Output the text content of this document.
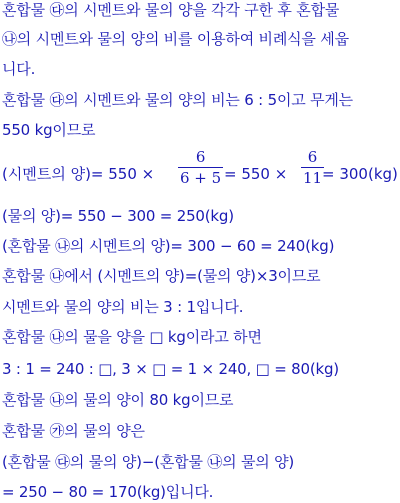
혼합물 ㉰의 시멘트와 물의 양을 각각 구한 후 혼합물
㉯의 시멘트와 물의 양의 비를 이용하여 비례식을 세웁
니다.
혼합물 ㉰의 시멘트와 물의 양의 비는 6 : 5이고 무게는
550 kg이므로
(시멘트의 양)= 550 ×
6
6 + 5 = 550 ×
6
11 = 300(kg)
(물의 양)= 550 − 300 = 250(kg)
(혼합물 ㉯의 시멘트의 양)= 300 − 60 = 240(kg)
혼합물 ㉯에서 (시멘트의 양)=(물의 양)×3이므로
시멘트와 물의 양의 비는 3 : 1입니다.
혼합물 ㉯의 물을 양을 □ kg이라고 하면
3 : 1 = 240 : □, 3 × □ = 1 × 240, □ = 80(kg)
혼합물 ㉯의 물의 양이 80 kg이므로
혼합물 ㉮의 물의 양은
(혼합물 ㉰의 물의 양)−(혼합물 ㉯의 물의 양)
= 250 − 80 = 170(kg)입니다.
